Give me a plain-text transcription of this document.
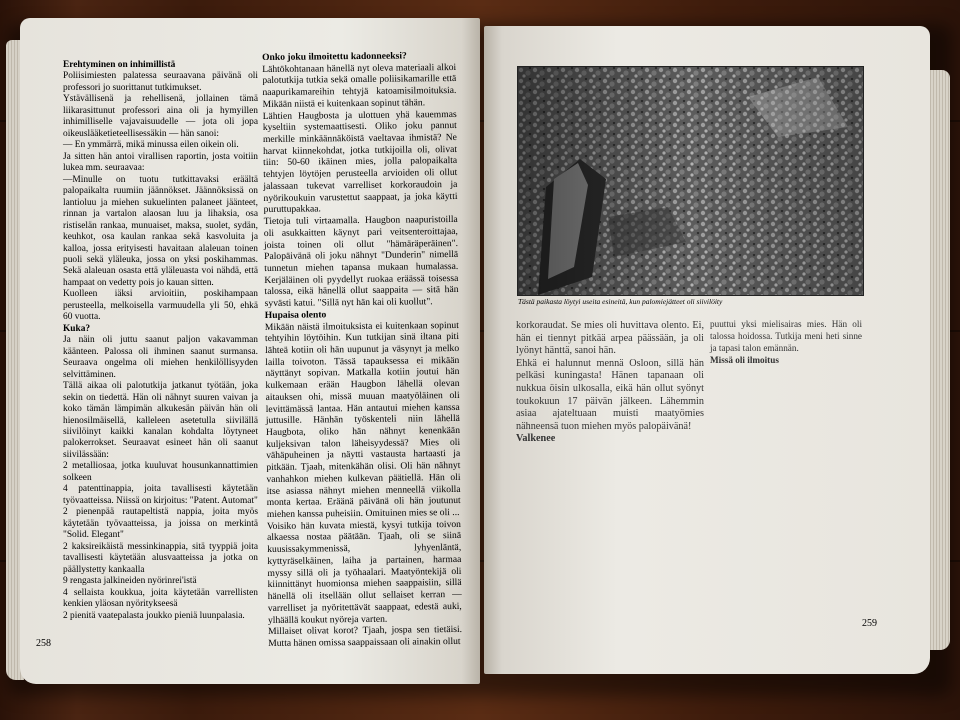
Erehtyminen on inhimillistä

Poliisimiesten palatessa seuraavana päivänä oli professori jo suorittanut tutkimukset.

Ystävällisenä ja rehellisenä, jollainen tämä liikarasittunut professori aina oli ja hymyillen inhimilliselle vajavaisuudelle — jota oli jopa oikeuslääketieteellisessäkin — hän sanoi:

— En ymmärrä, mikä minussa eilen oikein oli.

Ja sitten hän antoi virallisen raportin, josta voitiin lukea mm. seuraavaa:

—Minulle on tuotu tutkittavaksi eräältä palopaikalta ruumiin jäännökset. Jäännöksissä on lantioluu ja miehen sukuelinten palaneet jäänteet, rinnan ja vartalon alaosan luu ja lihaksia, osa ristiselän rankaa, munuaiset, maksa, suolet, sydän, keuhkot, osa kaulan rankaa sekä kasvoluita ja kalloa, jossa erityisesti havaitaan alaleuan toinen puoli sekä yläleuka, jossa on yksi poskihammas. Sekä alaleuan osasta että yläleuasta voi nähdä, että hampaat on vedetty pois jo kauan sitten.

Kuolleen iäksi arvioitiin, poskihampaan perusteella, melkoisella varmuudella yli 50, ehkä 60 vuotta.

Kuka?

Ja näin oli juttu saanut paljon vakavamman käänteen. Palossa oli ihminen saanut surmansa. Seuraava ongelma oli miehen henkilöllisyyden selvittäminen.

Tällä aikaa oli palotutkija jatkanut työtään, joka sekin on tiedettä. Hän oli nähnyt suuren vaivan ja koko tämän lämpimän alkukesän päivän hän oli hienosilmäisellä, kalleleen asetetulla siivilällä siivilöinyt kaikki kanalan kohdalta löytyneet palokerrokset. Seuraavat esineet hän oli saanut siivilässään:

2 metalliosaa, jotka kuuluvat housunkannattimien solkeen

4 patenttinappia, joita tavallisesti käytetään työvaatteissa. Niissä on kirjoitus: "Patent. Automat"

2 pienenpää rautapeltistä nappia, joita myös käytetään työvaatteissa, ja joissa on merkintä "Solid. Elegant"

2 kaksireikäistä messinkinappia, sitä tyyppiä joita tavallisesti käytetään alusvaatteissa ja jotka on päällystetty kankaalla

9 rengasta jalkineiden nyörinrei'istä

4 sellaista koukkua, joita käytetään varrellisten kenkien yläosan nyöritykseesä

2 pienitä vaatepalasta joukko pieniä luunpalasia.

Onko joku ilmoitettu kadonneeksi?

Lähtökohtanaan hänellä nyt oleva materiaali alkoi palotutkija tutkia sekä omalle poliisikamarille että naapurikamareihin tehtyjä katoamisilmoituksia. Mikään niistä ei kuitenkaan sopinut tähän.

Lähtien Haugbosta ja ulottuen yhä kauemmas kyseltiin systemaattisesti. Oliko joku pannut merkille minkäännäköistä vaeltavaa ihmistä? Ne harvat kiinnekohdat, jotka tutkijoilla oli, olivat tiin: 50-60 ikäinen mies, jolla palopaikalta tehtyjen löytöjen perusteella arvioiden oli ollut jalassaan tukevat varrelliset korkoraudoin ja nyörikoukuin varustettut saappaat, ja joka käytti puruttupakkaa.

Tietoja tuli virtaamalla. Haugbon naapuristoilla oli asukkaitten käynyt pari veitsenteroittajaa, joista toinen oli ollut "hämäräperäinen". Palopäivänä oli joku nähnyt "Dunderin" nimellä tunnetun miehen tapansa mukaan humalassa. Kerjäläinen oli pyydellyt ruokaa eräässä toisessa talossa, eikä hänellä ollut saappaita — sitä hän syvästi katui. "Sillä nyt hän kai oli kuollut".

Hupaisa olento

Mikään näistä ilmoituksista ei kuitenkaan sopinut tehtyihin löytöihin. Kun tutkijan sinä iltana piti lähteä kotiin oli hän uupunut ja väsynyt ja melko lailla toivoton. Tässä tapauksessa ei mikään näyttänyt sopivan. Matkalla kotiin joutui hän kulkemaan erään Haugbon lähellä olevan aitauksen ohi, missä muuan maatyöläinen oli levittämässä lantaa. Hän antautui miehen kanssa juttusille. Hänhän työskenteli niin lähellä Haugbota, oliko hän nähnyt kenenkään kuljeksivan talon läheisyydessä? Mies oli vähäpuheinen ja näytti vastausta hartaasti ja pitkään. Tjaah, mitenkähän olisi. Oli hän nähnyt vanhahkon miehen kulkevan päätiellä. Hän oli itse asiassa nähnyt miehen menneellä viikolla monta kertaa. Eräänä päivänä oli hän joutunut miehen kanssa puheisiin. Omituinen mies se oli ...

Voisiko hän kuvata miestä, kysyi tutkija toivon alkaessa nostaa päätään. Tjaah, oli se siinä kuusissakymmenissä, lyhyenläntä, kyttyräselkäinen, laiha ja partainen, harmaa myssy sillä oli ja työhaalari. Maatyöntekijä oli kiinnittänyt huomionsa miehen saappaisiin, sillä hänellä oli itsellään ollut sellaiset kerran — varrelliset ja nyöritettävät saappaat, edestä auki, ylhäällä koukut nyöreja varten.

Millaiset olivat korot? Tjaah, jospa sen tietäisi. Mutta hänen omissa saappaissaan oli ainakin ollut

258
Tästä paikasta löytyi useita esineitä, kun palomiejätteet oli siivilöity

korkoraudat. Se mies oli huvittava olento. Ei, hän ei tiennyt pitkää arpea päässään, ja oli lyönyt hänttä, sanoi hän.

Ehkä ei halunnut mennä Osloon, sillä hän pelkäsi kuningasta! Hänen tapanaan oli nukkua öisin ulkosalla, eikä hän ollut syönyt toukokuun 17 päivän jälkeen. Lähemmin asiaa ajateltuaan muisti maatyömies nähneensä tuon miehen myös palopäivänä!

Valkenee

puuttui yksi mielisairas mies. Hän oli talossa hoidossa. Tutkija meni heti sinne ja tapasi talon emännän.

Missä oli ilmoitus

259
